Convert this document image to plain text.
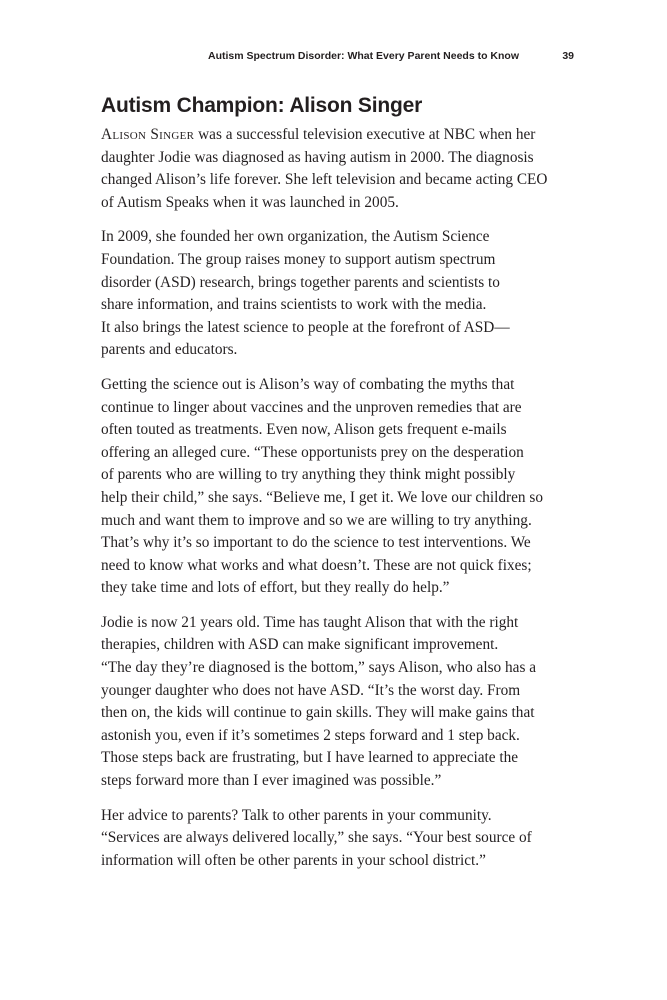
Autism Spectrum Disorder: What Every Parent Needs to Know	39
Autism Champion: Alison Singer

Alison Singer was a successful television executive at NBC when her
daughter Jodie was diagnosed as having autism in 2000. The diagnosis
changed Alison’s life forever. She left television and became acting CEO
of Autism Speaks when it was launched in 2005.

In 2009, she founded her own organization, the Autism Science
Foundation. The group raises money to support autism spectrum
disorder (ASD) research, brings together parents and scientists to
share information, and trains scientists to work with the media.
It also brings the latest science to people at the forefront of ASD—
parents and educators.

Getting the science out is Alison’s way of combating the myths that
continue to linger about vaccines and the unproven remedies that are
often touted as treatments. Even now, Alison gets frequent e-mails
offering an alleged cure. “These opportunists prey on the desperation
of parents who are willing to try anything they think might possibly
help their child,” she says. “Believe me, I get it. We love our children so
much and want them to improve and so we are willing to try anything.
That’s why it’s so important to do the science to test interventions. We
need to know what works and what doesn’t. These are not quick fixes;
they take time and lots of effort, but they really do help.”

Jodie is now 21 years old. Time has taught Alison that with the right
therapies, children with ASD can make significant improvement.
“The day they’re diagnosed is the bottom,” says Alison, who also has a
younger daughter who does not have ASD. “It’s the worst day. From
then on, the kids will continue to gain skills. They will make gains that
astonish you, even if it’s sometimes 2 steps forward and 1 step back.
Those steps back are frustrating, but I have learned to appreciate the
steps forward more than I ever imagined was possible.”

Her advice to parents? Talk to other parents in your community.
“Services are always delivered locally,” she says. “Your best source of
information will often be other parents in your school district.”
